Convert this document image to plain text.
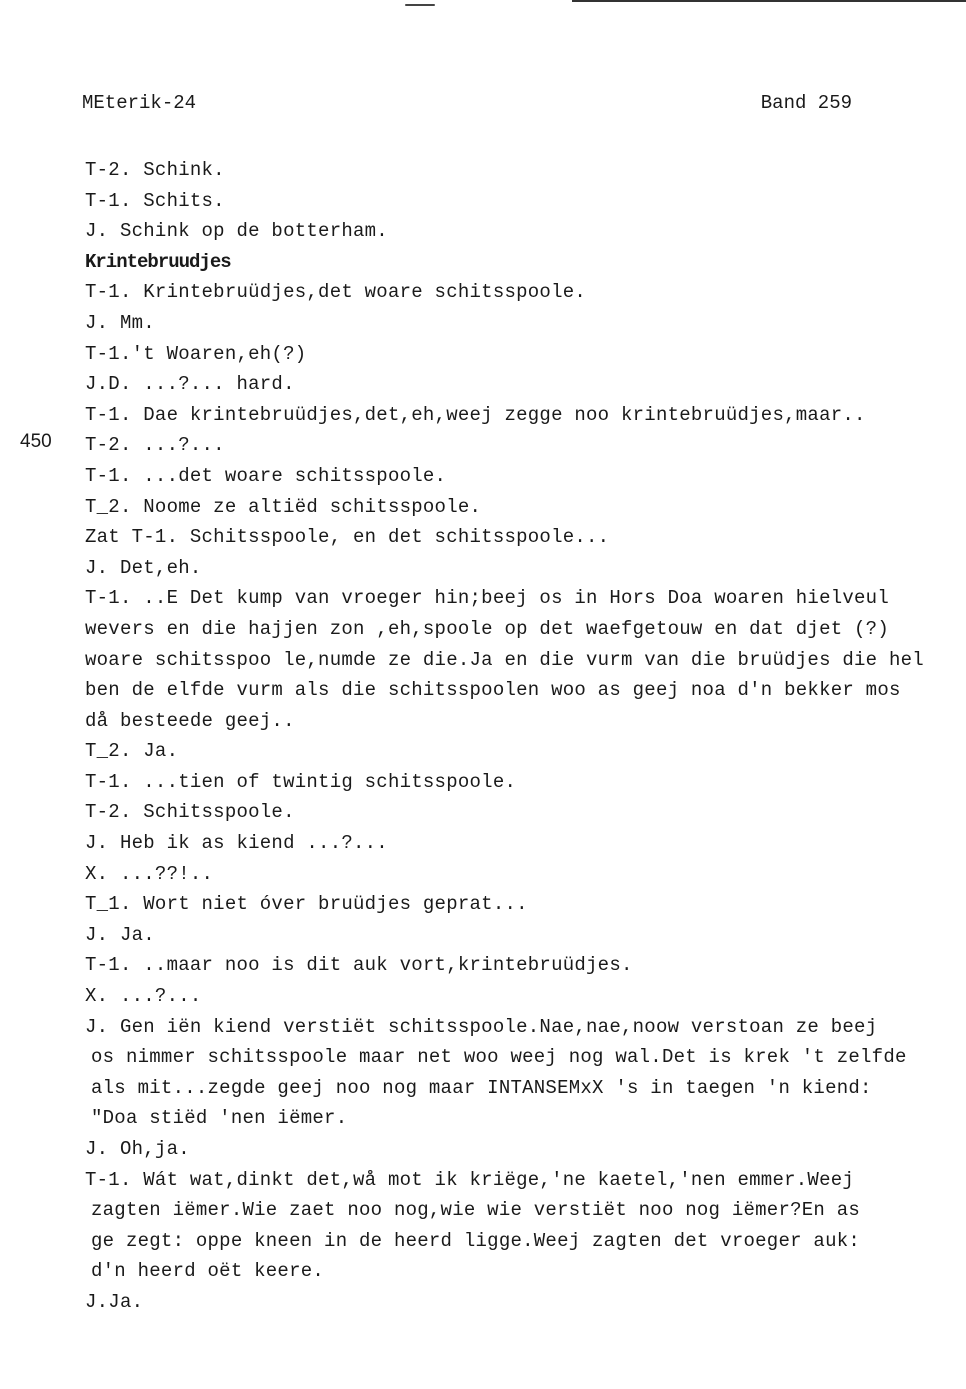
MEterik-24	Band 259
450
T-2. Schink.
T-1. Schits.
J. Schink op de botterham.
Krintebruudjes
T-1. Krintebruüdjes,det woare schitsspoole.
J. Mm.
T-1.'t Woaren,eh(?)
J.D. ...?... hard.
T-1. Dae krintebruüdjes,det,eh,weej zegge noo krintebruüdjes,maar..
T-2. ...?...
T-1. ...det woare schitsspoole.
T_2. Noome ze altiëd schitsspoole.
Zat T-1. Schitsspoole, en det schitsspoole...
J. Det,eh.
T-1. ..E Det kump van vroeger hin;beej os in Hors Doa woaren hielveul
wevers en die hajjen zon ,eh,spoole op det waefgetouw en dat djet (?)
woare schitsspoo le,numde ze die.Ja en die vurm van die bruüdjes die hel
ben de elfde vurm als die schitsspoolen woo as geej noa d'n bekker mos
då besteede geej..
T_2. Ja.
T-1. ...tien of twintig schitsspoole.
T-2. Schitsspoole.
J. Heb ik as kiend ...?...
X. ...??!..
T_1. Wort niet óver bruüdjes geprat...
J. Ja.
T-1. ..maar noo is dit auk vort,krintebruüdjes.
X. ...?...
J. Gen iën kiend verstiët schitsspoole.Nae,nae,noow verstoan ze beej
os nimmer schitsspoole maar net woo weej nog wal.Det is krek 't zelfde
als mit...zegde geej noo nog maar INTANSEMxX 's in taegen 'n kiend:
"Doa stiëd 'nen iëmer.
J. Oh,ja.
T-1. Wát wat,dinkt det,wå mot ik kriëge,'ne kaetel,'nen emmer.Weej
zagten iëmer.Wie zaet noo nog,wie wie verstiët noo nog iëmer?En as
ge zegt: oppe kneen in de heerd ligge.Weej zagten det vroeger auk:
d'n heerd oët keere.
J.Ja.
